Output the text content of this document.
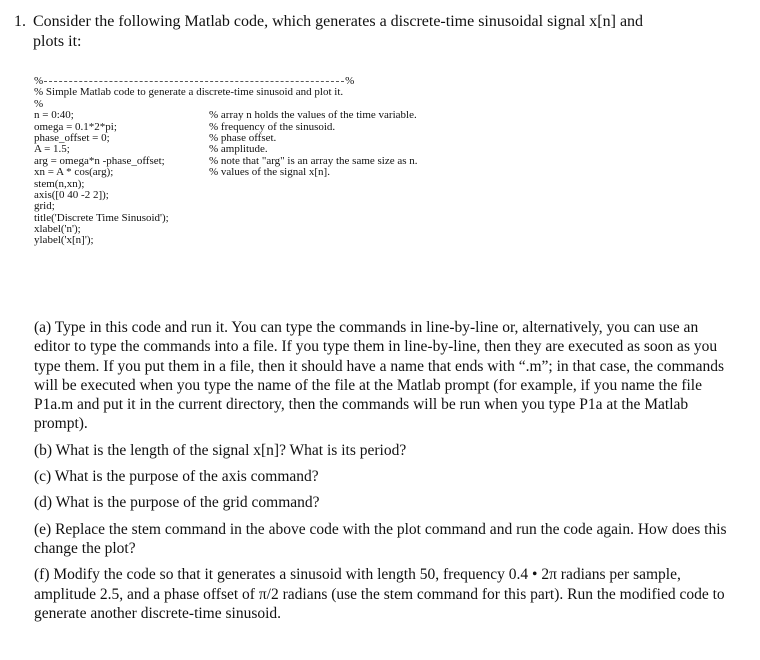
1. Consider the following Matlab code, which generates a discrete-time sinusoidal signal x[n] and
plots it:
%	%
% Simple Matlab code to generate a discrete-time sinusoid and plot it.
%
n = 0:40;	% array n holds the values of the time variable.
omega = 0.1*2*pi;	% frequency of the sinusoid.
phase_offset = 0;	% phase offset.
A = 1.5;	% amplitude.
arg = omega*n -phase_offset;	% note that "arg" is an array the same size as n.
xn = A * cos(arg);	% values of the signal x[n].
stem(n,xn);
axis([0 40 -2 2]);
grid;
title('Discrete Time Sinusoid');
xlabel('n');
ylabel('x[n]');
(a) Type in this code and run it. You can type the commands in line-by-line or, alternatively, you can use an editor to type the commands into a file. If you type them in line-by-line, then they are executed as soon as you type them. If you put them in a file, then it should have a name that ends with “.m”; in that case, the commands will be executed when you type the name of the file at the Matlab prompt (for example, if you name the file P1a.m and put it in the current directory, then the commands will be run when you type P1a at the Matlab prompt).
(b) What is the length of the signal x[n]? What is its period?
(c) What is the purpose of the axis command?
(d) What is the purpose of the grid command?
(e) Replace the stem command in the above code with the plot command and run the code again. How does this change the plot?
(f) Modify the code so that it generates a sinusoid with length 50, frequency 0.4 • 2π radians per sample, amplitude 2.5, and a phase offset of π/2 radians (use the stem command for this part). Run the modified code to generate another discrete-time sinusoid.
